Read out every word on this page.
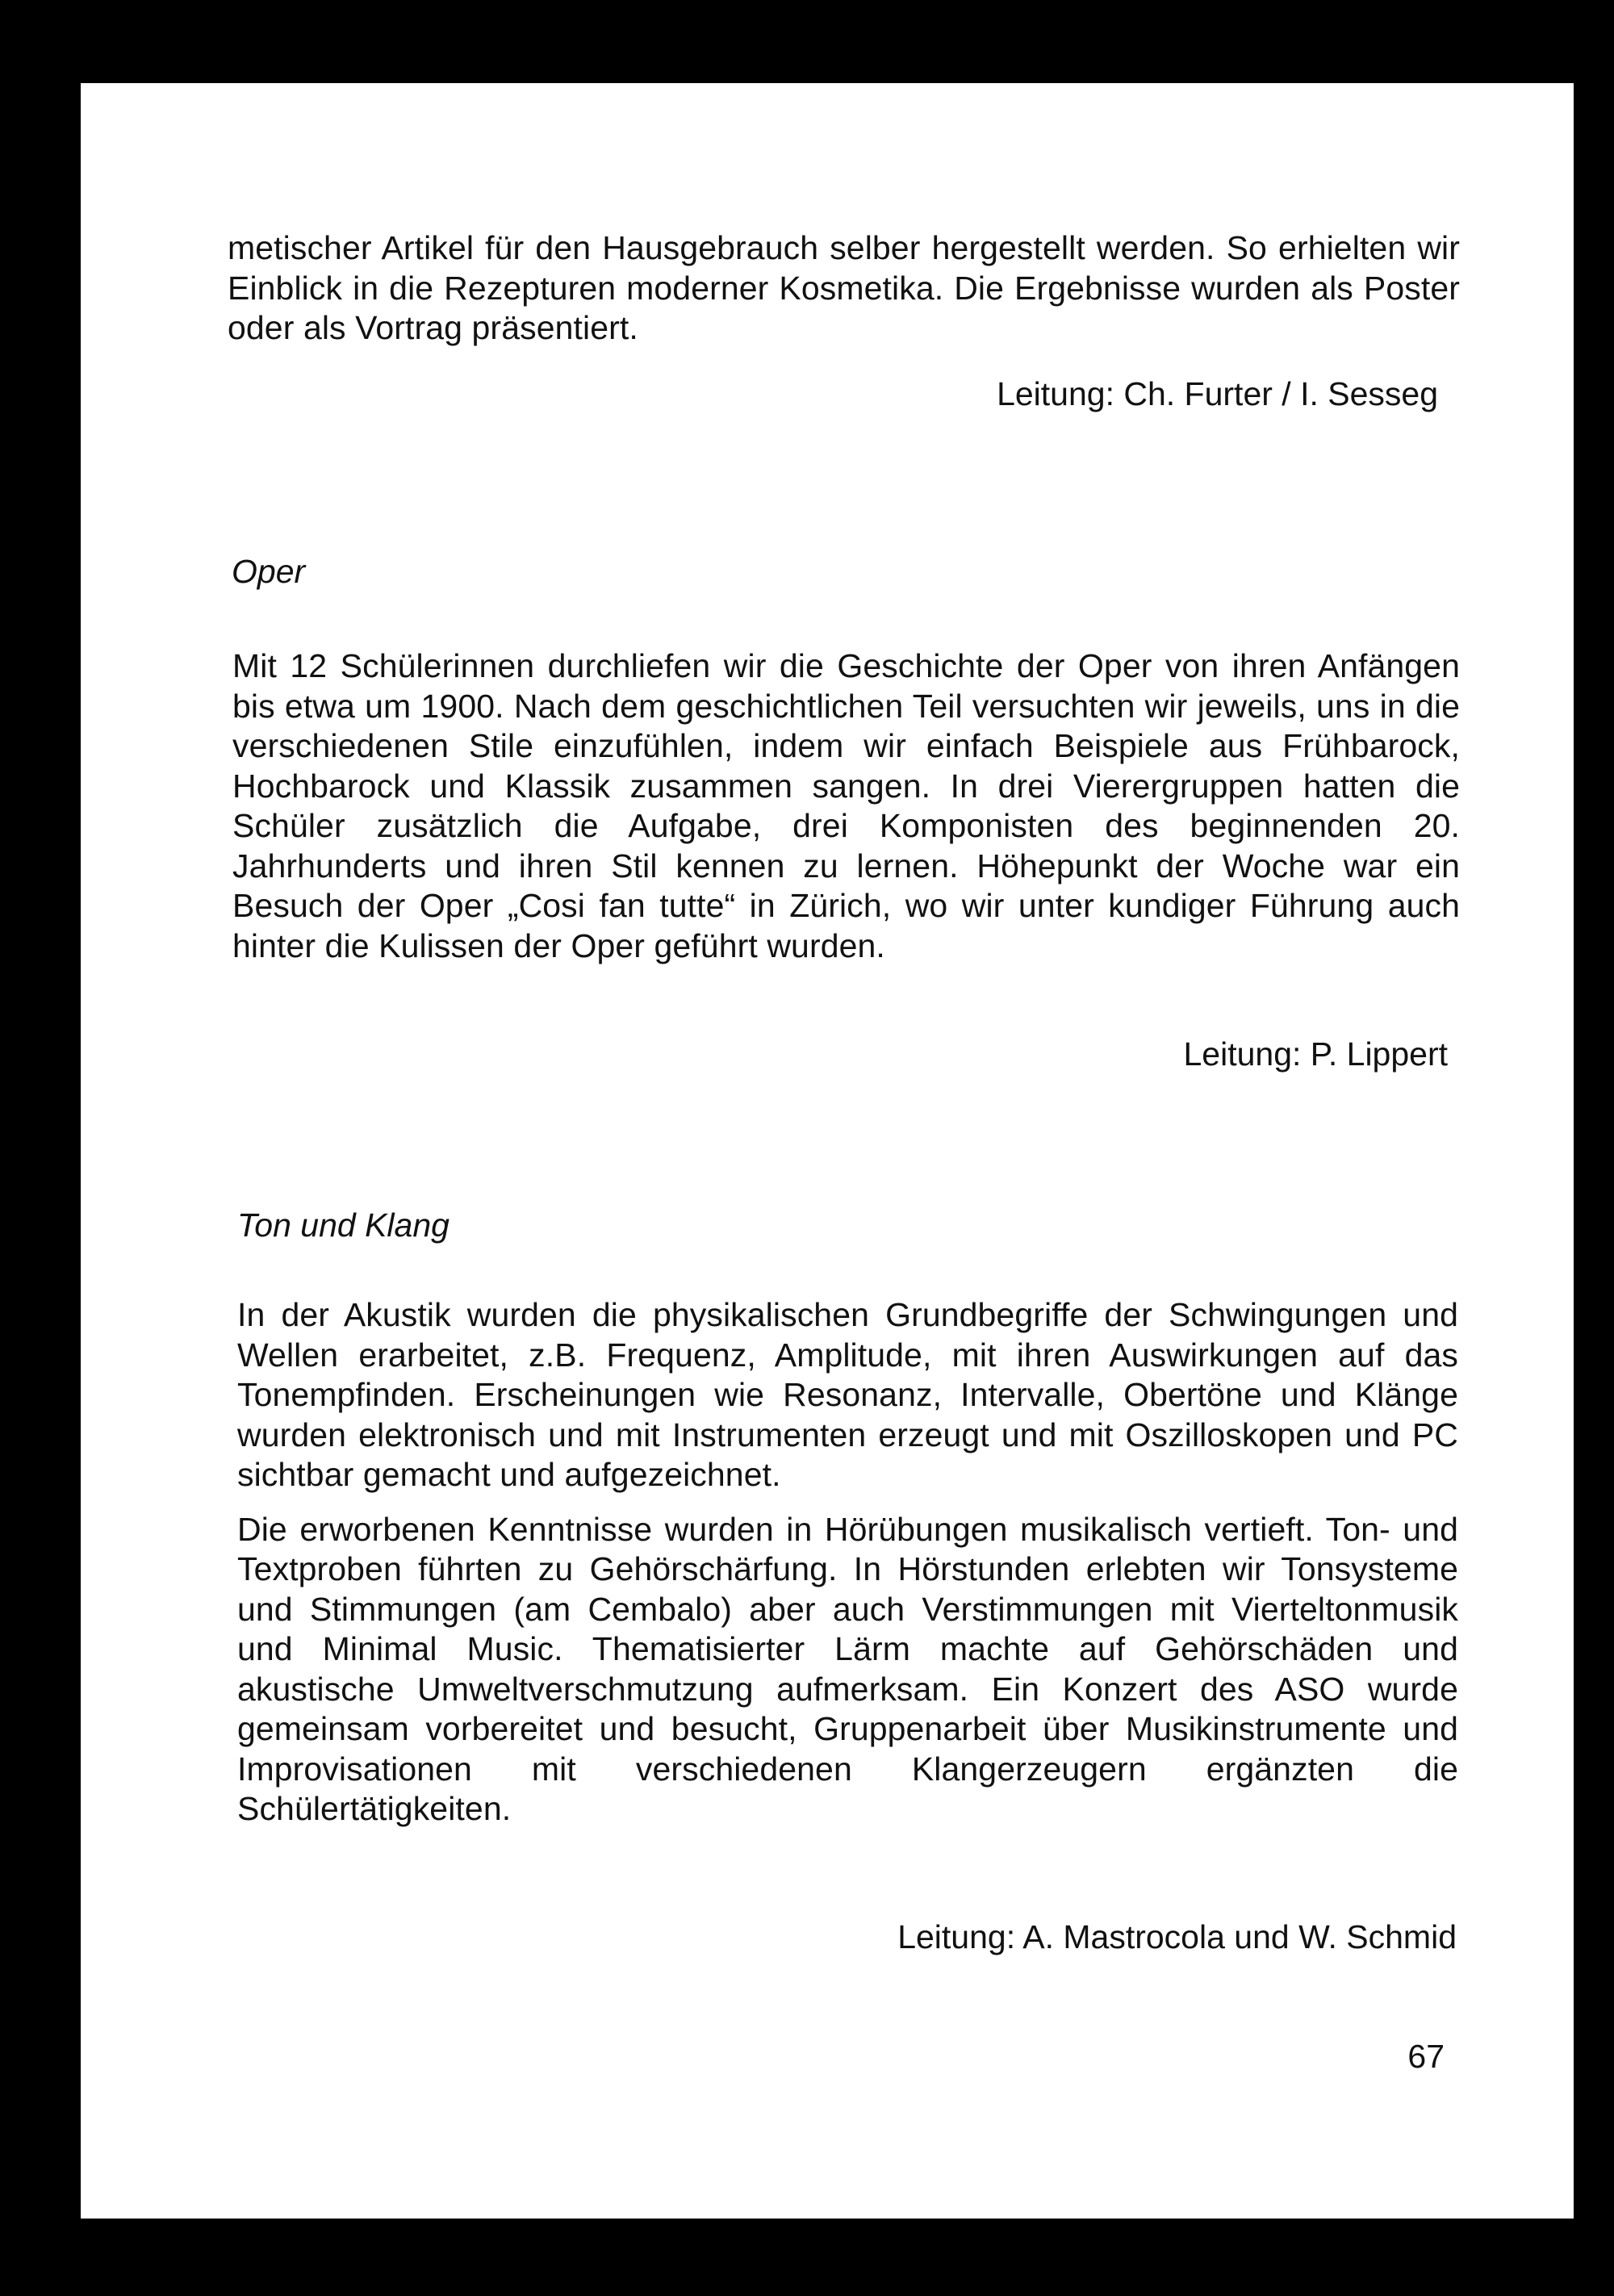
metischer Artikel für den Hausgebrauch selber hergestellt werden. So erhielten wir Einblick in die Rezepturen moderner Kosmetika. Die Ergebnisse wurden als Poster oder als Vortrag präsentiert.

Leitung: Ch. Furter / I. Sesseg
Oper

Mit 12 Schülerinnen durchliefen wir die Geschichte der Oper von ihren Anfängen bis etwa um 1900. Nach dem geschichtlichen Teil versuchten wir jeweils, uns in die verschiedenen Stile einzufühlen, indem wir einfach Beispiele aus Frühbarock, Hochbarock und Klassik zusammen sangen. In drei Vierergruppen hatten die Schüler zusätzlich die Aufgabe, drei Komponisten des beginnenden 20. Jahrhunderts und ihren Stil kennen zu lernen. Höhepunkt der Woche war ein Besuch der Oper „Cosi fan tutte“ in Zürich, wo wir unter kundiger Führung auch hinter die Kulissen der Oper geführt wurden.

Leitung: P. Lippert
Ton und Klang

In der Akustik wurden die physikalischen Grundbegriffe der Schwingungen und Wellen erarbeitet, z.B. Frequenz, Amplitude, mit ihren Auswirkungen auf das Tonempfinden. Erscheinungen wie Resonanz, Intervalle, Obertöne und Klänge wurden elektronisch und mit Instrumenten erzeugt und mit Oszilloskopen und PC sichtbar gemacht und aufgezeichnet.

Die erworbenen Kenntnisse wurden in Hörübungen musikalisch vertieft. Ton- und Textproben führten zu Gehörschärfung. In Hörstunden erlebten wir Tonsysteme und Stimmungen (am Cembalo) aber auch Verstimmungen mit Vierteltonmusik und Minimal Music. Thematisierter Lärm machte auf Gehörschäden und akustische Umweltverschmutzung aufmerksam. Ein Konzert des ASO wurde gemeinsam vorbereitet und besucht, Gruppenarbeit über Musikinstrumente und Improvisationen mit verschiedenen Klangerzeugern ergänzten die Schülertätigkeiten.

Leitung: A. Mastrocola und W. Schmid
67
